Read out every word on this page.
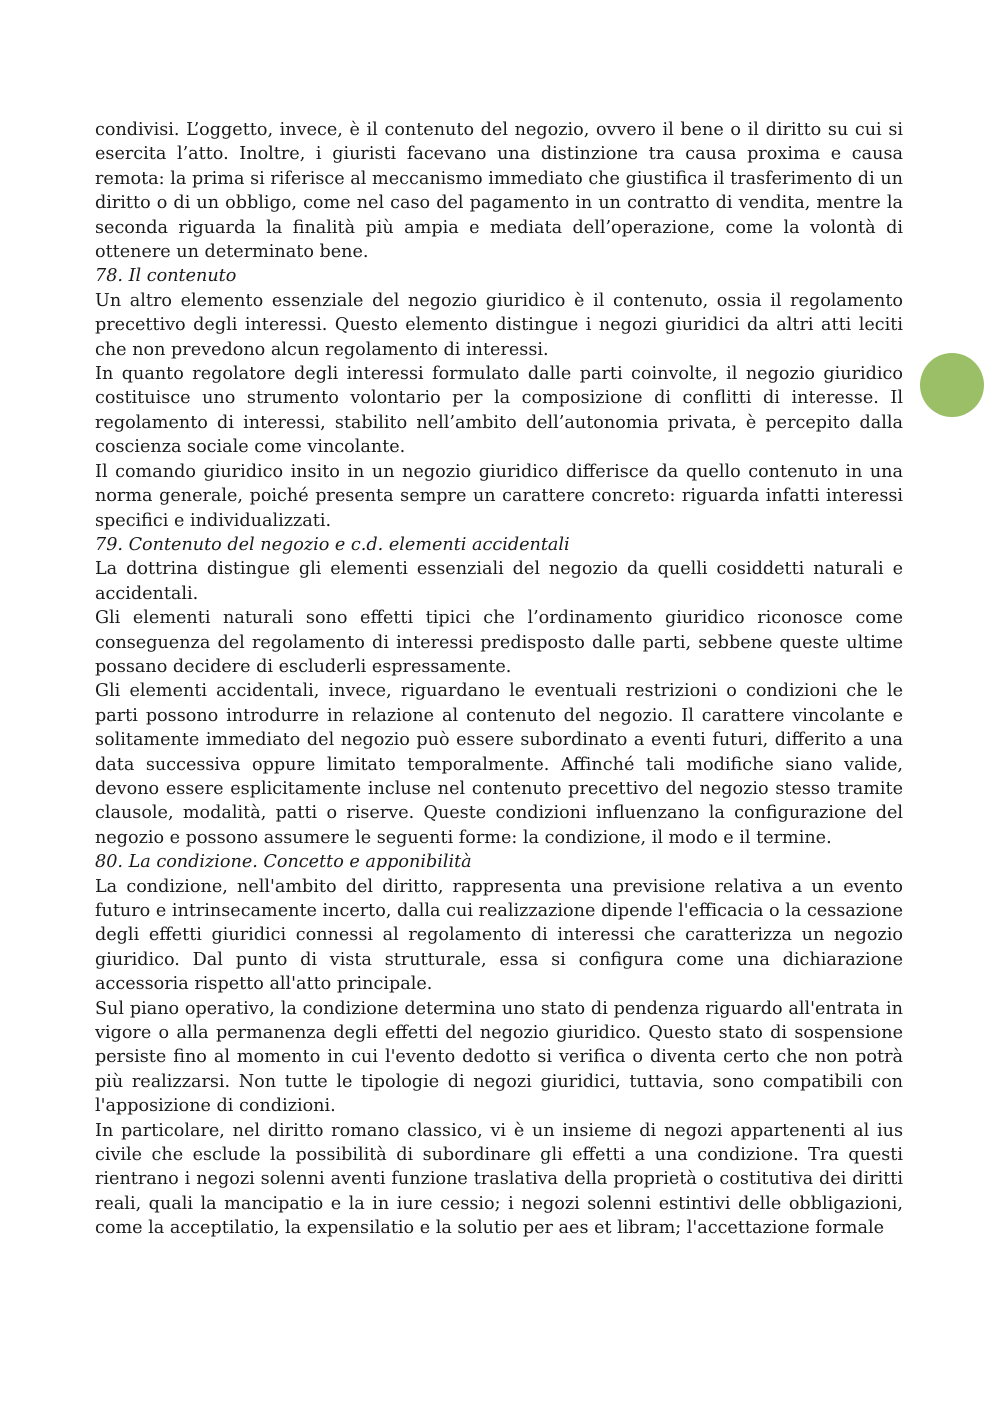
condivisi. L’oggetto, invece, è il contenuto del negozio, ovvero il bene o il diritto su cui si esercita l’atto. Inoltre, i giuristi facevano una distinzione tra causa proxima e causa remota: la prima si riferisce al meccanismo immediato che giustifica il trasferimento di un diritto o di un obbligo, come nel caso del pagamento in un contratto di vendita, mentre la seconda riguarda la finalità più ampia e mediata dell’operazione, come la volontà di ottenere un determinato bene.

78. Il contenuto

Un altro elemento essenziale del negozio giuridico è il contenuto, ossia il regolamento precettivo degli interessi. Questo elemento distingue i negozi giuridici da altri atti leciti che non prevedono alcun regolamento di interessi.

In quanto regolatore degli interessi formulato dalle parti coinvolte, il negozio giuridico costituisce uno strumento volontario per la composizione di conflitti di interesse. Il regolamento di interessi, stabilito nell’ambito dell’autonomia privata, è percepito dalla coscienza sociale come vincolante.

Il comando giuridico insito in un negozio giuridico differisce da quello contenuto in una norma generale, poiché presenta sempre un carattere concreto: riguarda infatti interessi specifici e individualizzati.

79. Contenuto del negozio e c.d. elementi accidentali

La dottrina distingue gli elementi essenziali del negozio da quelli cosiddetti naturali e accidentali.

Gli elementi naturali sono effetti tipici che l’ordinamento giuridico riconosce come conseguenza del regolamento di interessi predisposto dalle parti, sebbene queste ultime possano decidere di escluderli espressamente.

Gli elementi accidentali, invece, riguardano le eventuali restrizioni o condizioni che le parti possono introdurre in relazione al contenuto del negozio. Il carattere vincolante e solitamente immediato del negozio può essere subordinato a eventi futuri, differito a una data successiva oppure limitato temporalmente. Affinché tali modifiche siano valide, devono essere esplicitamente incluse nel contenuto precettivo del negozio stesso tramite clausole, modalità, patti o riserve. Queste condizioni influenzano la configurazione del negozio e possono assumere le seguenti forme: la condizione, il modo e il termine.

80. La condizione. Concetto e apponibilità

La condizione, nell'ambito del diritto, rappresenta una previsione relativa a un evento futuro e intrinsecamente incerto, dalla cui realizzazione dipende l'efficacia o la cessazione degli effetti giuridici connessi al regolamento di interessi che caratterizza un negozio giuridico. Dal punto di vista strutturale, essa si configura come una dichiarazione accessoria rispetto all'atto principale.

Sul piano operativo, la condizione determina uno stato di pendenza riguardo all'entrata in vigore o alla permanenza degli effetti del negozio giuridico. Questo stato di sospensione persiste fino al momento in cui l'evento dedotto si verifica o diventa certo che non potrà più realizzarsi. Non tutte le tipologie di negozi giuridici, tuttavia, sono compatibili con l'apposizione di condizioni.

In particolare, nel diritto romano classico, vi è un insieme di negozi appartenenti al ius civile che esclude la possibilità di subordinare gli effetti a una condizione. Tra questi rientrano i negozi solenni aventi funzione traslativa della proprietà o costitutiva dei diritti reali, quali la mancipatio e la in iure cessio; i negozi solenni estintivi delle obbligazioni, come la acceptilatio, la expensilatio e la solutio per aes et libram; l'accettazione formale
